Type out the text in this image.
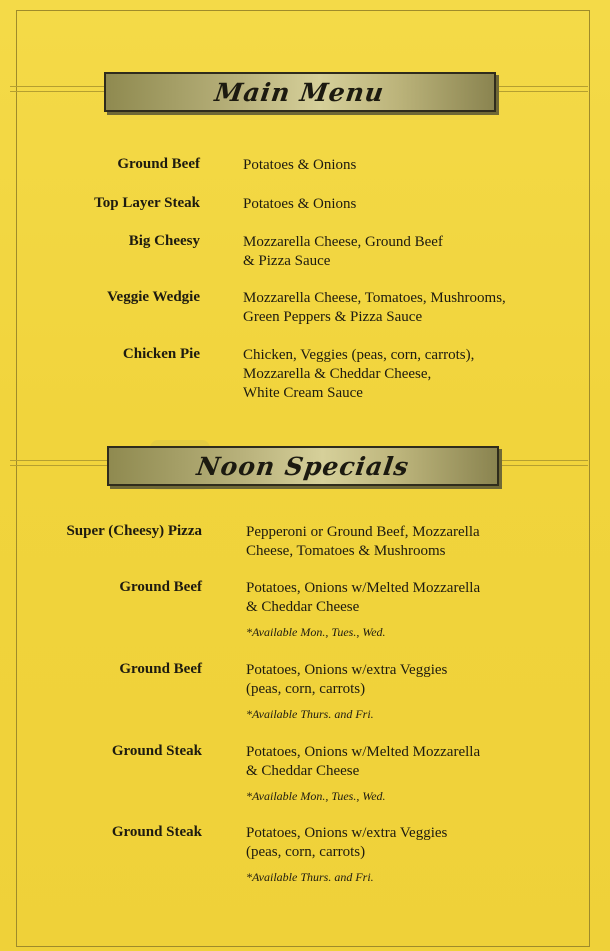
Main Menu
Ground Beef	Potatoes & Onions
Top Layer Steak	Potatoes & Onions
Big Cheesy	Mozzarella Cheese, Ground Beef
& Pizza Sauce
Veggie Wedgie	Mozzarella Cheese, Tomatoes, Mushrooms,
Green Peppers & Pizza Sauce
Chicken Pie	Chicken, Veggies (peas, corn, carrots),
Mozzarella & Cheddar Cheese,
White Cream Sauce
Noon Specials
Super (Cheesy) Pizza	Pepperoni or Ground Beef, Mozzarella
Cheese, Tomatoes & Mushrooms
Ground Beef	Potatoes, Onions w/Melted Mozzarella
& Cheddar Cheese
*Available Mon., Tues., Wed.
Ground Beef	Potatoes, Onions w/extra Veggies
(peas, corn, carrots)
*Available Thurs. and Fri.
Ground Steak	Potatoes, Onions w/Melted Mozzarella
& Cheddar Cheese
*Available Mon., Tues., Wed.
Ground Steak	Potatoes, Onions w/extra Veggies
(peas, corn, carrots)
*Available Thurs. and Fri.
